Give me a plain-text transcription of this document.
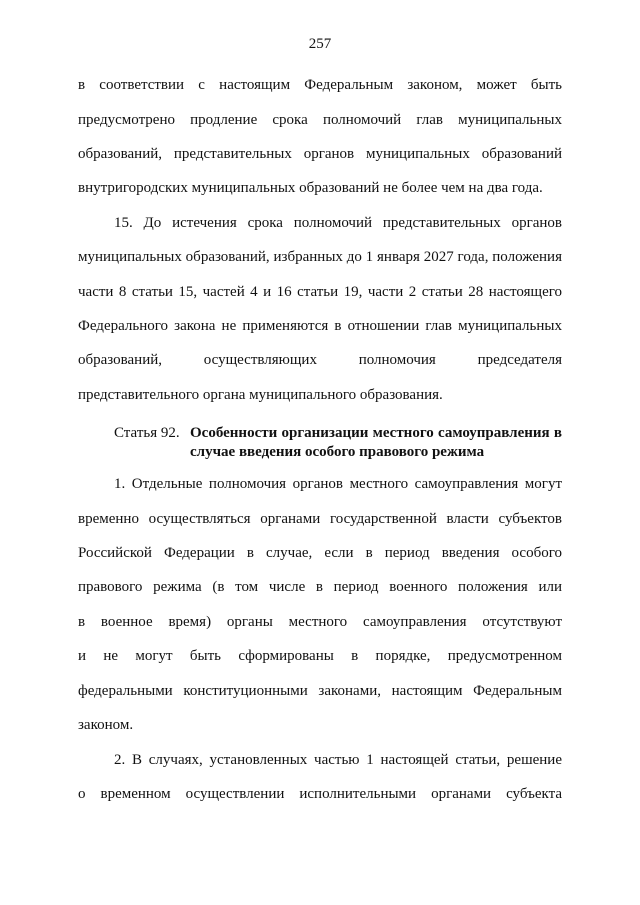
257
в соответствии с настоящим Федеральным законом, может быть
предусмотрено продление срока полномочий глав муниципальных
образований, представительных органов муниципальных образований
внутригородских муниципальных образований не более чем на два года.
15. До истечения срока полномочий представительных органов
муниципальных образований, избранных до 1 января 2027 года, положения
части 8 статьи 15, частей 4 и 16 статьи 19, части 2 статьи 28 настоящего
Федерального закона не применяются в отношении глав муниципальных
образований, осуществляющих полномочия председателя
представительного органа муниципального образования.
Статья 92. Особенности организации местного самоуправления в
случае введения особого правового режима
1. Отдельные полномочия органов местного самоуправления могут
временно осуществляться органами государственной власти субъектов
Российской Федерации в случае, если в период введения особого
правового режима (в том числе в период военного положения или
в военное время) органы местного самоуправления отсутствуют
и не могут быть сформированы в порядке, предусмотренном
федеральными конституционными законами, настоящим Федеральным
законом.
2. В случаях, установленных частью 1 настоящей статьи, решение
о временном осуществлении исполнительными органами субъекта
